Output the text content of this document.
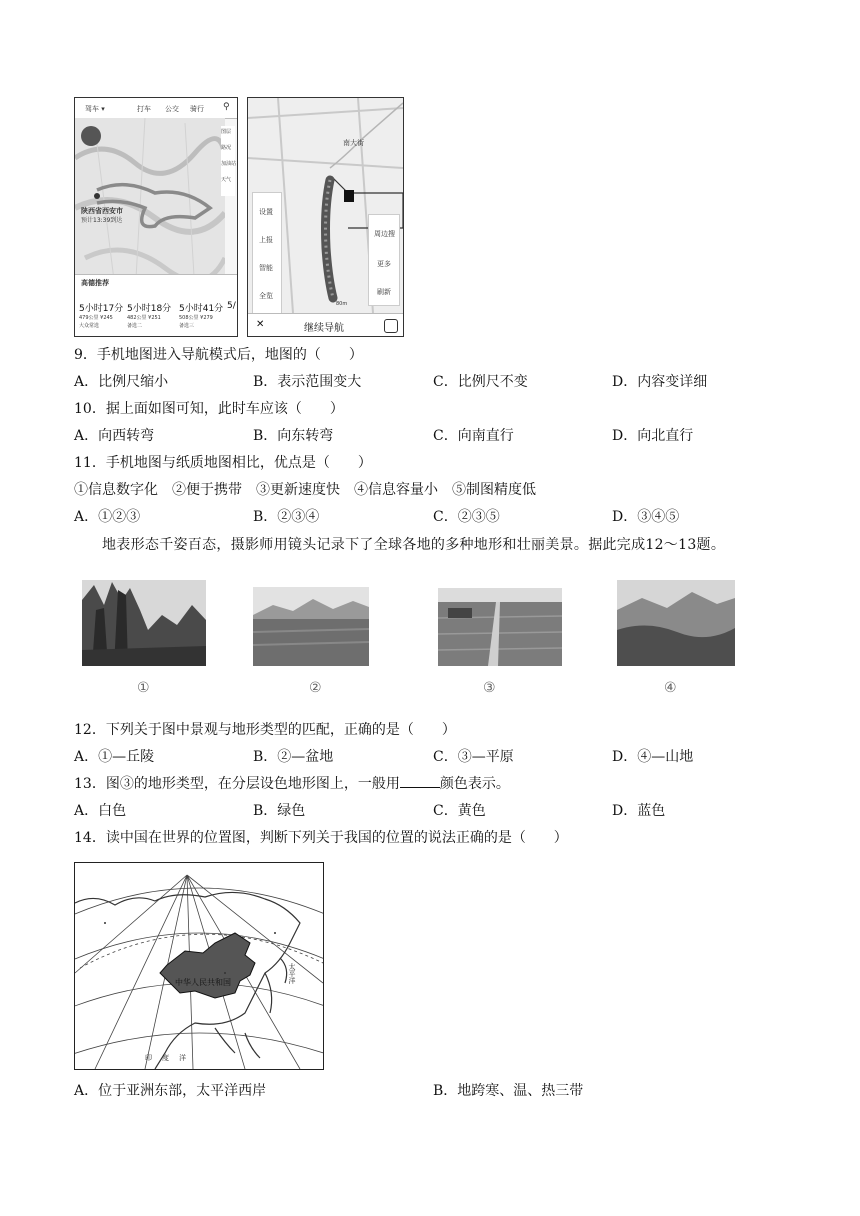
驾车 ▾	打车 公交 骑行 ⚲
陕西省西安市
预计13:39到达
图层
路况
加油站
天气
高德推荐
5小时17分
479公里 ¥245
大众常选
5小时18分
482公里 ¥251
备选二
5小时41分
508公里 ¥279
备选三
5/
南大街
设置
上报
智能
全览
周边搜
更多
刷新
80m
✕	继续导航
9．手机地图进入导航模式后，地图的（　　）
A．比例尺缩小	B．表示范围变大	C．比例尺不变	D．内容变详细
10．据上面如图可知，此时车应该（　　）
A．向西转弯	B．向东转弯	C．向南直行	D．向北直行
11．手机地图与纸质地图相比，优点是（　　）
①信息数字化　②便于携带　③更新速度快　④信息容量小　⑤制图精度低
A．①②③	B．②③④	C．②③⑤	D．③④⑤
地表形态千姿百态，摄影师用镜头记录下了全球各地的多种地形和壮丽美景。据此完成12～13题。
①	②	③	④
12．下列关于图中景观与地形类型的匹配，正确的是（　　）
A．①—丘陵	B．②—盆地	C．③—平原	D．④—山地
13．图③的地形类型，在分层设色地形图上，一般用	颜色表示。
A．白色	B．绿色	C．黄色	D．蓝色
14．读中国在世界的位置图，判断下列关于我国的位置的说法正确的是（　　）
中华人民共和国	太平洋
印度洋
A．位于亚洲东部，太平洋西岸	B．地跨寒、温、热三带
